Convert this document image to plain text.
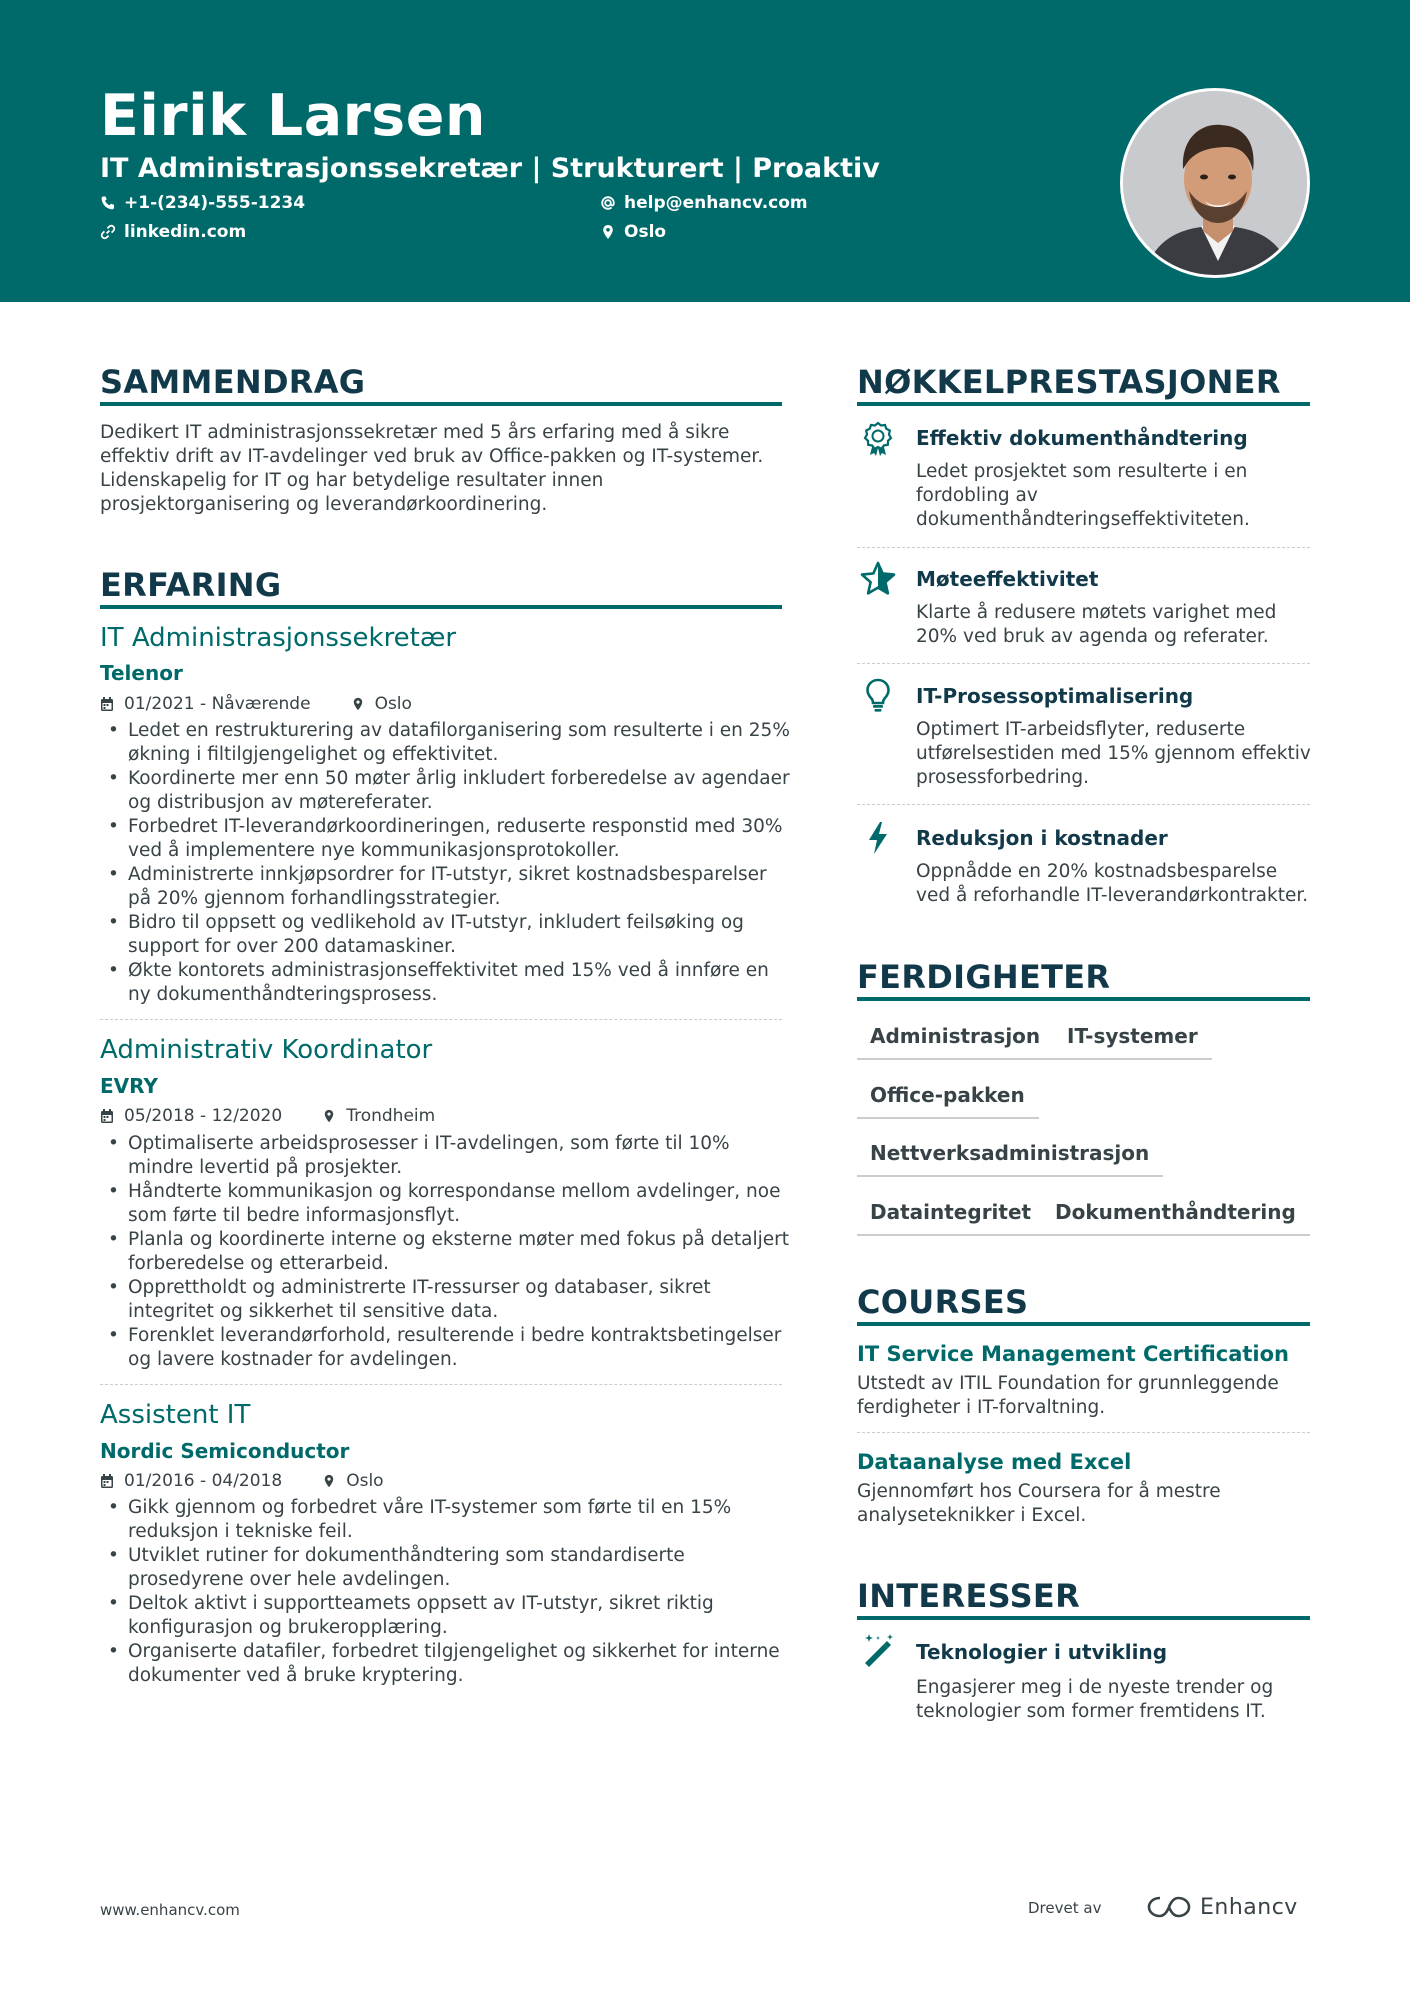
Eirik Larsen
IT Administrasjonssekretær | Strukturert | Proaktiv
+1-(234)-555-1234	help@enhancv.com
linkedin.com	Oslo
SAMMENDRAG
Dedikert IT administrasjonssekretær med 5 års erfaring med å sikre
effektiv drift av IT-avdelinger ved bruk av Office-pakken og IT-systemer.
Lidenskapelig for IT og har betydelige resultater innen
prosjektorganisering og leverandørkoordinering.
ERFARING
IT Administrasjonssekretær
Telenor
01/2021 - Nåværende	Oslo
• Ledet en restrukturering av datafilorganisering som resulterte i en 25%
økning i filtilgjengelighet og effektivitet.
• Koordinerte mer enn 50 møter årlig inkludert forberedelse av agendaer
og distribusjon av møtereferater.
• Forbedret IT-leverandørkoordineringen, reduserte responstid med 30%
ved å implementere nye kommunikasjonsprotokoller.
• Administrerte innkjøpsordrer for IT-utstyr, sikret kostnadsbesparelser
på 20% gjennom forhandlingsstrategier.
• Bidro til oppsett og vedlikehold av IT-utstyr, inkludert feilsøking og
support for over 200 datamaskiner.
• Økte kontorets administrasjonseffektivitet med 15% ved å innføre en
ny dokumenthåndteringsprosess.
Administrativ Koordinator
EVRY
05/2018 - 12/2020	Trondheim
• Optimaliserte arbeidsprosesser i IT-avdelingen, som førte til 10%
mindre levertid på prosjekter.
• Håndterte kommunikasjon og korrespondanse mellom avdelinger, noe
som førte til bedre informasjonsflyt.
• Planla og koordinerte interne og eksterne møter med fokus på detaljert
forberedelse og etterarbeid.
• Opprettholdt og administrerte IT-ressurser og databaser, sikret
integritet og sikkerhet til sensitive data.
• Forenklet leverandørforhold, resulterende i bedre kontraktsbetingelser
og lavere kostnader for avdelingen.
Assistent IT
Nordic Semiconductor
01/2016 - 04/2018	Oslo
• Gikk gjennom og forbedret våre IT-systemer som førte til en 15%
reduksjon i tekniske feil.
• Utviklet rutiner for dokumenthåndtering som standardiserte
prosedyrene over hele avdelingen.
• Deltok aktivt i supportteamets oppsett av IT-utstyr, sikret riktig
konfigurasjon og brukeropplæring.
• Organiserte datafiler, forbedret tilgjengelighet og sikkerhet for interne
dokumenter ved å bruke kryptering.
NØKKELPRESTASJONER
Effektiv dokumenthåndtering
Ledet prosjektet som resulterte i en
fordobling av
dokumenthåndteringseffektiviteten.
Møteeffektivitet
Klarte å redusere møtets varighet med
20% ved bruk av agenda og referater.
IT-Prosessoptimalisering
Optimert IT-arbeidsflyter, reduserte
utførelsestiden med 15% gjennom effektiv
prosessforbedring.
Reduksjon i kostnader
Oppnådde en 20% kostnadsbesparelse
ved å reforhandle IT-leverandørkontrakter.
FERDIGHETER
Administrasjon	IT-systemer
Office-pakken
Nettverksadministrasjon
Dataintegritet	Dokumenthåndtering
COURSES
IT Service Management Certification
Utstedt av ITIL Foundation for grunnleggende
ferdigheter i IT-forvaltning.
Dataanalyse med Excel
Gjennomført hos Coursera for å mestre
analyseteknikker i Excel.
INTERESSER
Teknologier i utvikling
Engasjerer meg i de nyeste trender og
teknologier som former fremtidens IT.
www.enhancv.com	Drevet av	Enhancv
